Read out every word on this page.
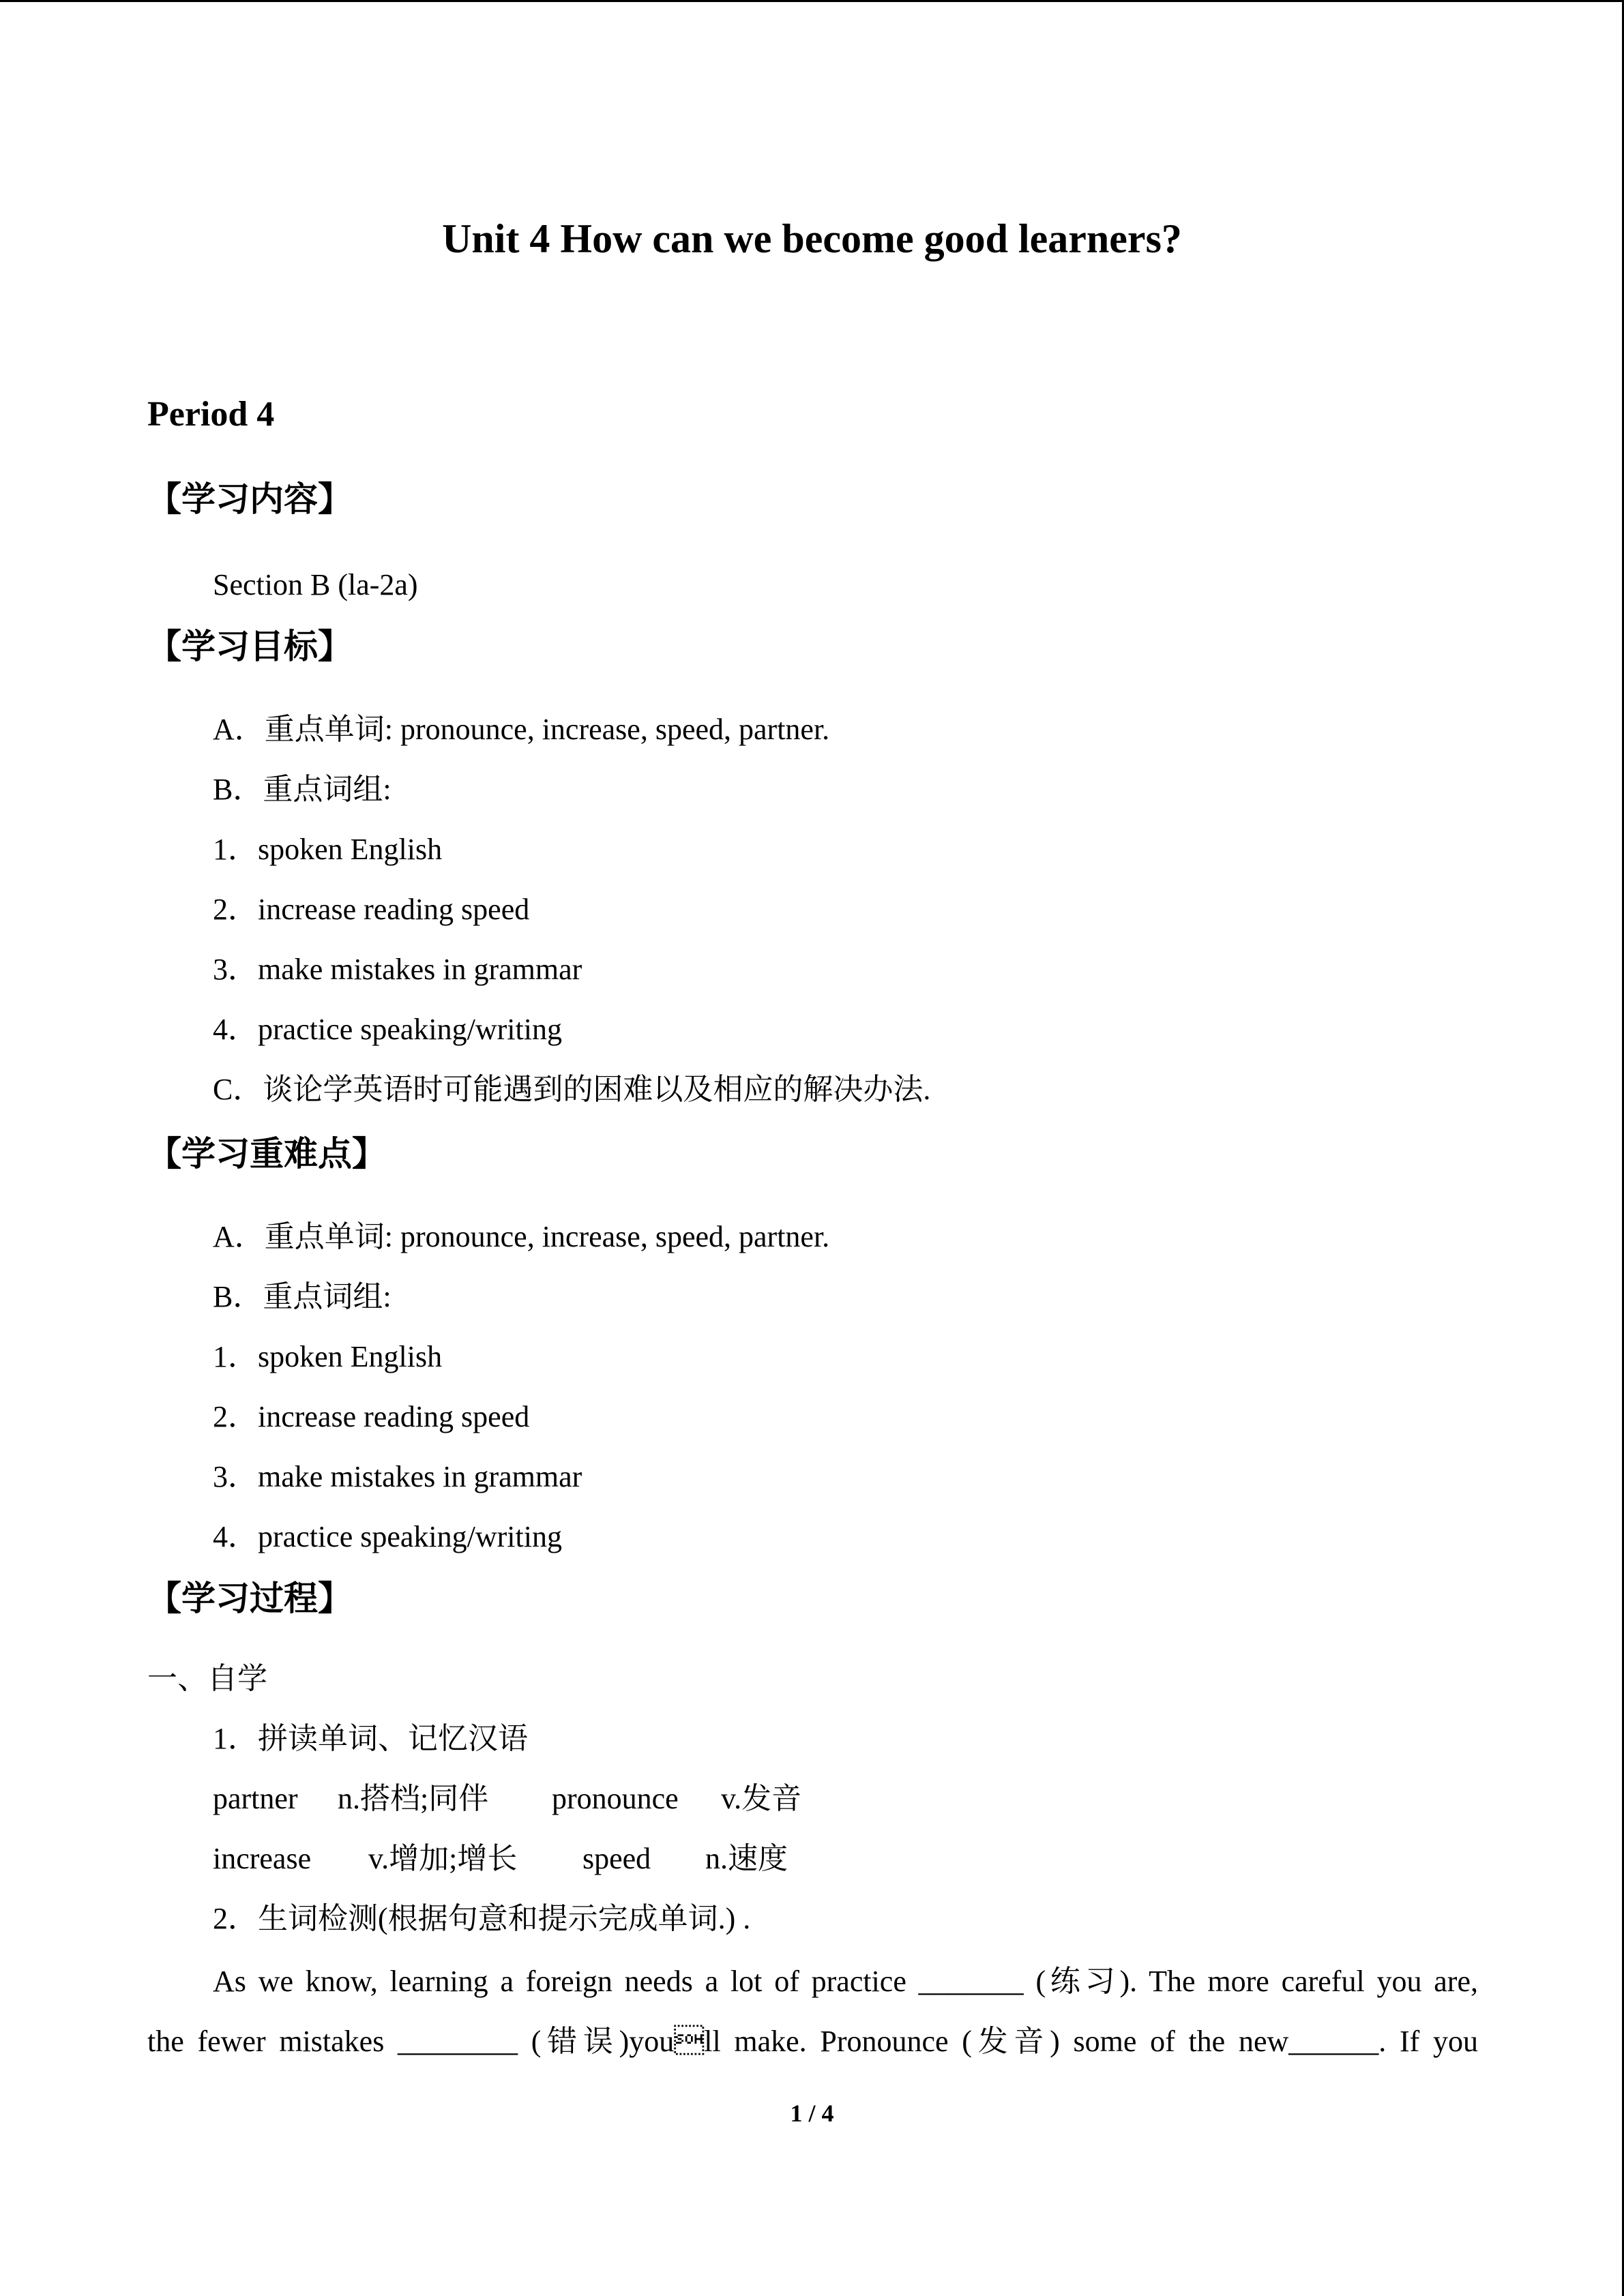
Unit 4 How can we become good learners?
Period 4
【学习内容】
Section B (la-2a)
【学习目标】
A．重点单词: pronounce, increase, speed, partner.
B．重点词组:
1．spoken English
2．increase reading speed
3．make mistakes in grammar
4．practice speaking/writing
C．谈论学英语时可能遇到的困难以及相应的解决办法.
【学习重难点】
A．重点单词: pronounce, increase, speed, partner.
B．重点词组:
1．spoken English
2．increase reading speed
3．make mistakes in grammar
4．practice speaking/writing
【学习过程】
一、自学
1．拼读单词、记忆汉语
partner n.搭档;同伴 pronounce v.发音
increase v.增加;增长 speed n.速度
2．生词检测(根据句意和提示完成单词.) .
As we know, learning a foreign needs a lot of practice _______ (练习). The more careful you are,
the fewer mistakes ________ (错误)youll make. Pronounce (发音) some of the new______. If you
1 / 4
